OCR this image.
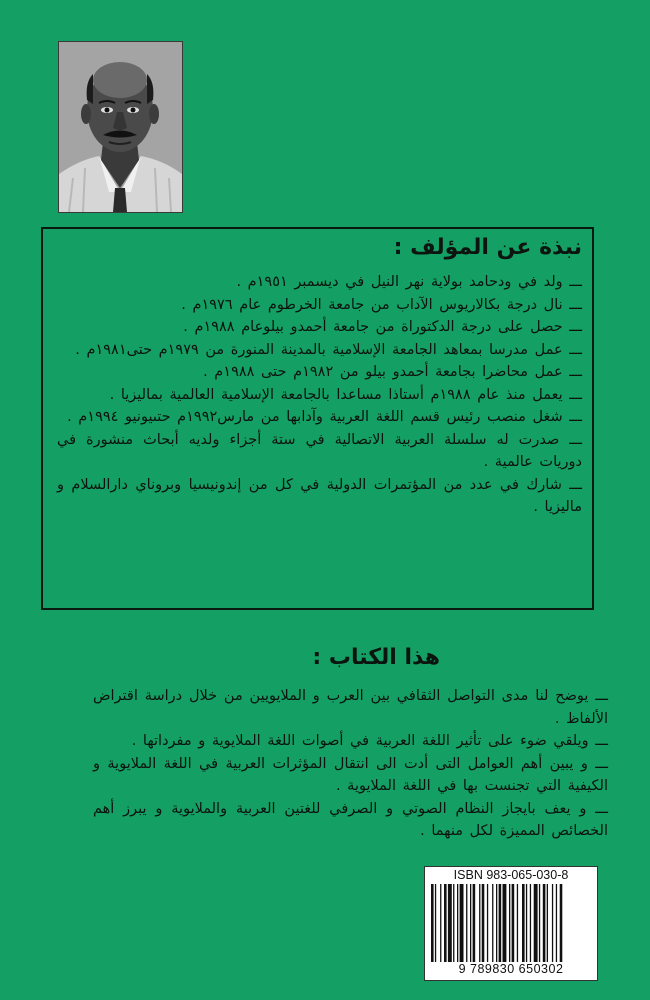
نبذة عن المؤلف :
ـــ ولد في ودحامد بولاية نهر النيل في ديسمبر ١٩٥١م .
ـــ نال درجة بكالاريوس الآداب من جامعة الخرطوم عام ١٩٧٦م .
ـــ حصل على درجة الدكتوراة من جامعة أحمدو بيلوعام ١٩٨٨م .
ـــ عمل مدرسا بمعاهد الجامعة الإسلامية بالمدينة المنورة من ١٩٧٩م حتى١٩٨١م .
ـــ عمل محاضرا بجامعة أحمدو بيلو من ١٩٨٢م حتى ١٩٨٨م .
ـــ يعمل منذ عام ١٩٨٨م أستاذا مساعدا بالجامعة الإسلامية العالمية بماليزيا .
ـــ شغل منصب رئيس قسم اللغة العربية وآدابها من مارس١٩٩٢م حتىيونيو ١٩٩٤م .
ـــ صدرت له سلسلة العربية الاتصالية في ستة أجزاء ولديه أبحاث منشورة في دوريات عالمية .
ـــ شارك في عدد من المؤتمرات الدولية في كل من إندونيسيا وبروناي دارالسلام و ماليزيا .
هذا الكتاب :
ـــ يوضح لنا مدى التواصل الثقافي بين العرب و الملايويين من خلال دراسة اقتراض الألفاظ .
ـــ ويلقي ضوء على تأثير اللغة العربية في أصوات اللغة الملايوية و مفرداتها .
ـــ و يبين أهم العوامل التى أدت الى انتقال المؤثرات العربية في اللغة الملايوية و الكيفية التي تجنست بها في اللغة الملايوية .
ـــ و يعف بايجاز النظام الصوتي و الصرفي للغتين العربية والملايوية و يبرز أهم الخصائص المميزة لكل منهما .
ISBN 983-065-030-8
9 789830 650302
